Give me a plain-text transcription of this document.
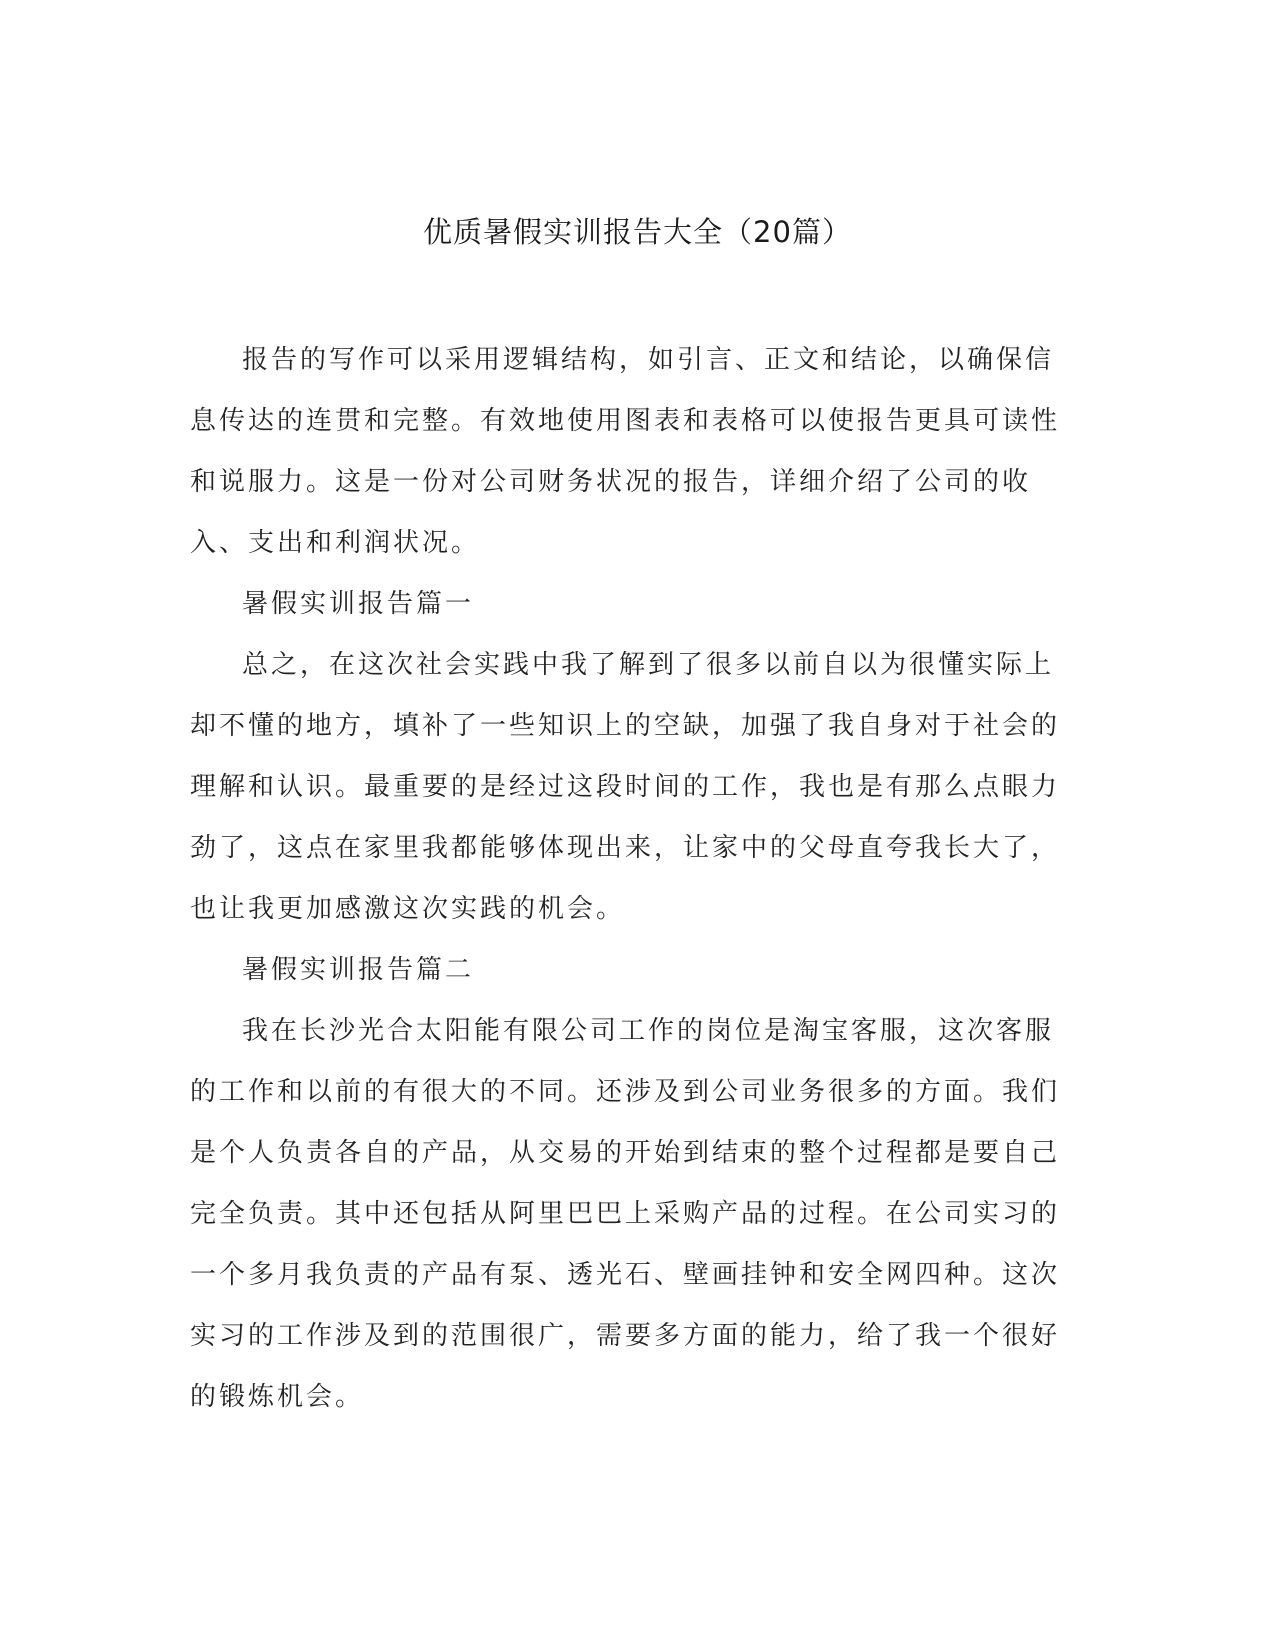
优质暑假实训报告大全（20篇）

报告的写作可以采用逻辑结构，如引言、正文和结论，以确保信息传达的连贯和完整。有效地使用图表和表格可以使报告更具可读性和说服力。这是一份对公司财务状况的报告，详细介绍了公司的收入、支出和利润状况。

暑假实训报告篇一

总之，在这次社会实践中我了解到了很多以前自以为很懂实际上却不懂的地方，填补了一些知识上的空缺，加强了我自身对于社会的理解和认识。最重要的是经过这段时间的工作，我也是有那么点眼力劲了，这点在家里我都能够体现出来，让家中的父母直夸我长大了，也让我更加感激这次实践的机会。

暑假实训报告篇二

我在长沙光合太阳能有限公司工作的岗位是淘宝客服，这次客服的工作和以前的有很大的不同。还涉及到公司业务很多的方面。我们是个人负责各自的产品，从交易的开始到结束的整个过程都是要自己完全负责。其中还包括从阿里巴巴上采购产品的过程。在公司实习的一个多月我负责的产品有泵、透光石、壁画挂钟和安全网四种。这次实习的工作涉及到的范围很广，需要多方面的能力，给了我一个很好的锻炼机会。
